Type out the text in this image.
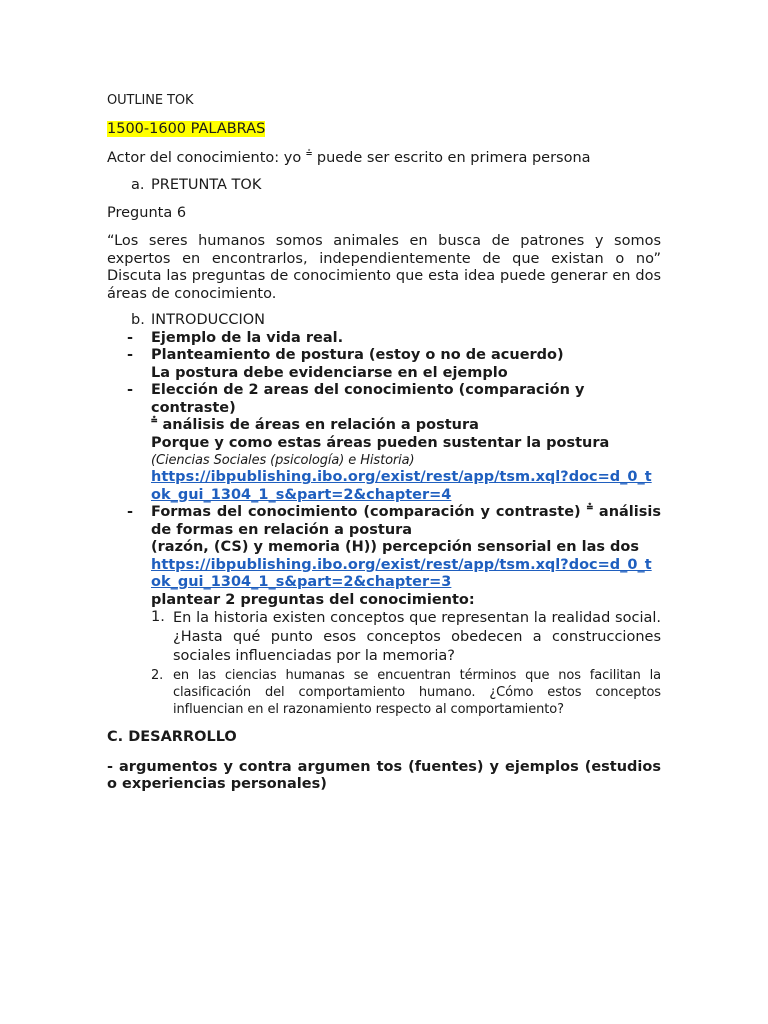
OUTLINE TOK

1500-1600 PALABRAS

Actor del conocimiento: yo ⩮ puede ser escrito en primera persona

a. PRETUNTA TOK

Pregunta 6

“Los seres humanos somos animales en busca de patrones y somos expertos en encontrarlos, independientemente de que existan o no” Discuta las preguntas de conocimiento que esta idea puede generar en dos áreas de conocimiento.

b. INTRODUCCION
-	Ejemplo de la vida real.
-	Planteamiento de postura (estoy o no de acuerdo)

La postura debe evidenciarse en el ejemplo

-	Elección de 2 areas del conocimiento (comparación y contraste)

⩮ análisis de áreas en relación a postura

Porque y como estas áreas pueden sustentar la postura

(Ciencias Sociales (psicología) e Historia)

https://ibpublishing.ibo.org/exist/rest/app/tsm.xql?doc=d_0_tok_gui_1304_1_s&part=2&chapter=4

-	Formas del conocimiento (comparación y contraste) ⩮ análisis de formas en relación a postura

(razón, (CS) y memoria (H)) percepción sensorial en las dos

https://ibpublishing.ibo.org/exist/rest/app/tsm.xql?doc=d_0_tok_gui_1304_1_s&part=2&chapter=3

plantear 2 preguntas del conocimiento:

1. En la historia existen conceptos que representan la realidad social. ¿Hasta qué punto esos conceptos obedecen a construcciones sociales influenciadas por la memoria?
2. en las ciencias humanas se encuentran términos que nos facilitan la clasificación del comportamiento humano. ¿Cómo estos conceptos influencian en el razonamiento respecto al comportamiento?

C. DESARROLLO

- argumentos y contra argumen tos (fuentes) y ejemplos (estudios o experiencias personales)
